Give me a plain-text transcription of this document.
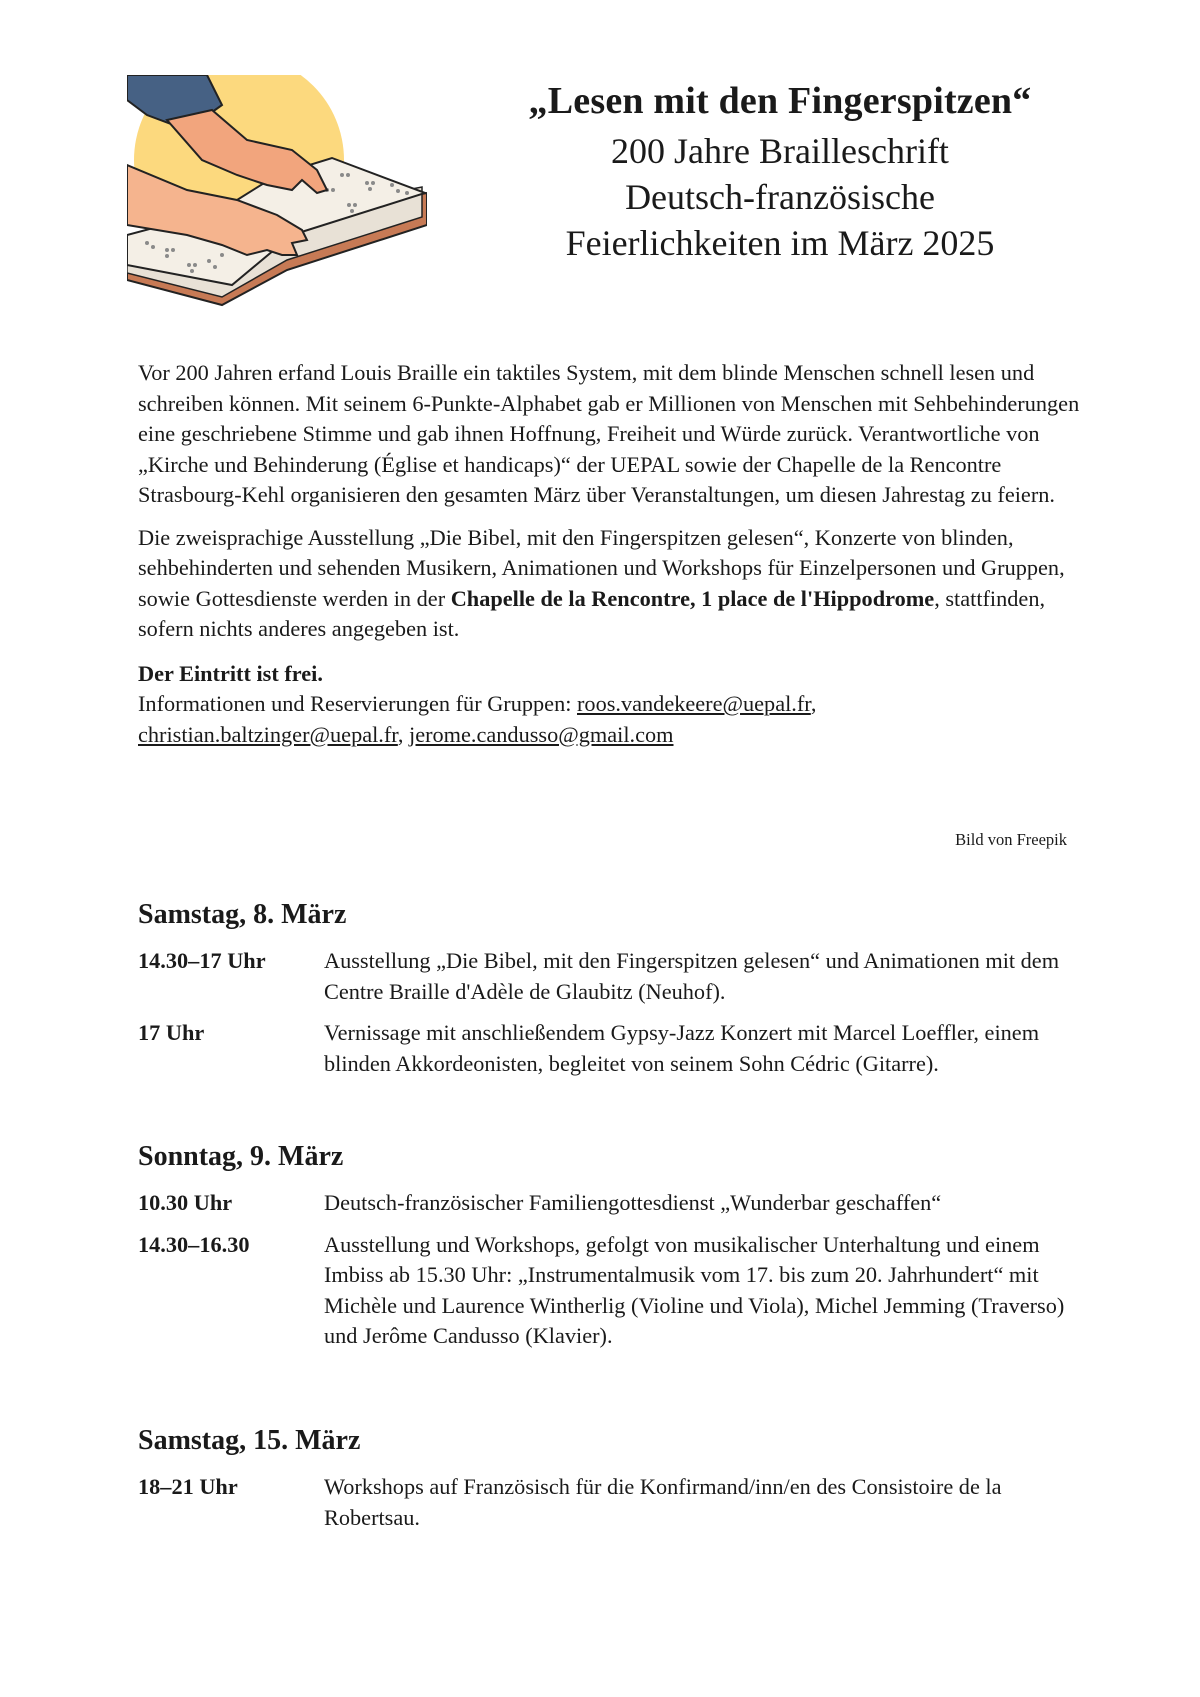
„Lesen mit den Fingerspitzen“
200 Jahre Brailleschrift
Deutsch-französische
Feierlichkeiten im März 2025

Vor 200 Jahren erfand Louis Braille ein taktiles System, mit dem blinde Menschen schnell lesen und schreiben können. Mit seinem 6-Punkte-Alphabet gab er Millionen von Menschen mit Sehbehinderungen eine geschriebene Stimme und gab ihnen Hoffnung, Freiheit und Würde zurück. Verantwortliche von „Kirche und Behinderung (Église et handicaps)“ der UEPAL sowie der Chapelle de la Rencontre Strasbourg-Kehl organisieren den gesamten März über Veranstaltungen, um diesen Jahrestag zu feiern.

Die zweisprachige Ausstellung „Die Bibel, mit den Fingerspitzen gelesen“, Konzerte von blinden, sehbehinderten und sehenden Musikern, Animationen und Workshops für Einzelpersonen und Gruppen, sowie Gottesdienste werden in der Chapelle de la Rencontre, 1 place de l'Hippodrome, stattfinden, sofern nichts anderes angegeben ist.

Der Eintritt ist frei.
Informationen und Reservierungen für Gruppen: roos.vandekeere@uepal.fr,
christian.baltzinger@uepal.fr, jerome.candusso@gmail.com

Bild von Freepik
Samstag, 8. März
14.30–17 Uhr	Ausstellung „Die Bibel, mit den Fingerspitzen gelesen“ und Animationen mit dem Centre Braille d'Adèle de Glaubitz (Neuhof).
17 Uhr	Vernissage mit anschließendem Gypsy-Jazz Konzert mit Marcel Loeffler, einem blinden Akkordeonisten, begleitet von seinem Sohn Cédric (Gitarre).
Sonntag, 9. März
10.30 Uhr	Deutsch-französischer Familiengottesdienst „Wunderbar geschaffen“
14.30–16.30	Ausstellung und Workshops, gefolgt von musikalischer Unterhaltung und einem Imbiss ab 15.30 Uhr: „Instrumentalmusik vom 17. bis zum 20. Jahrhundert“ mit Michèle und Laurence Wintherlig (Violine und Viola), Michel Jemming (Traverso) und Jerôme Candusso (Klavier).
Samstag, 15. März
18–21 Uhr	Workshops auf Französisch für die Konfirmand/inn/en des Consistoire de la Robertsau.
